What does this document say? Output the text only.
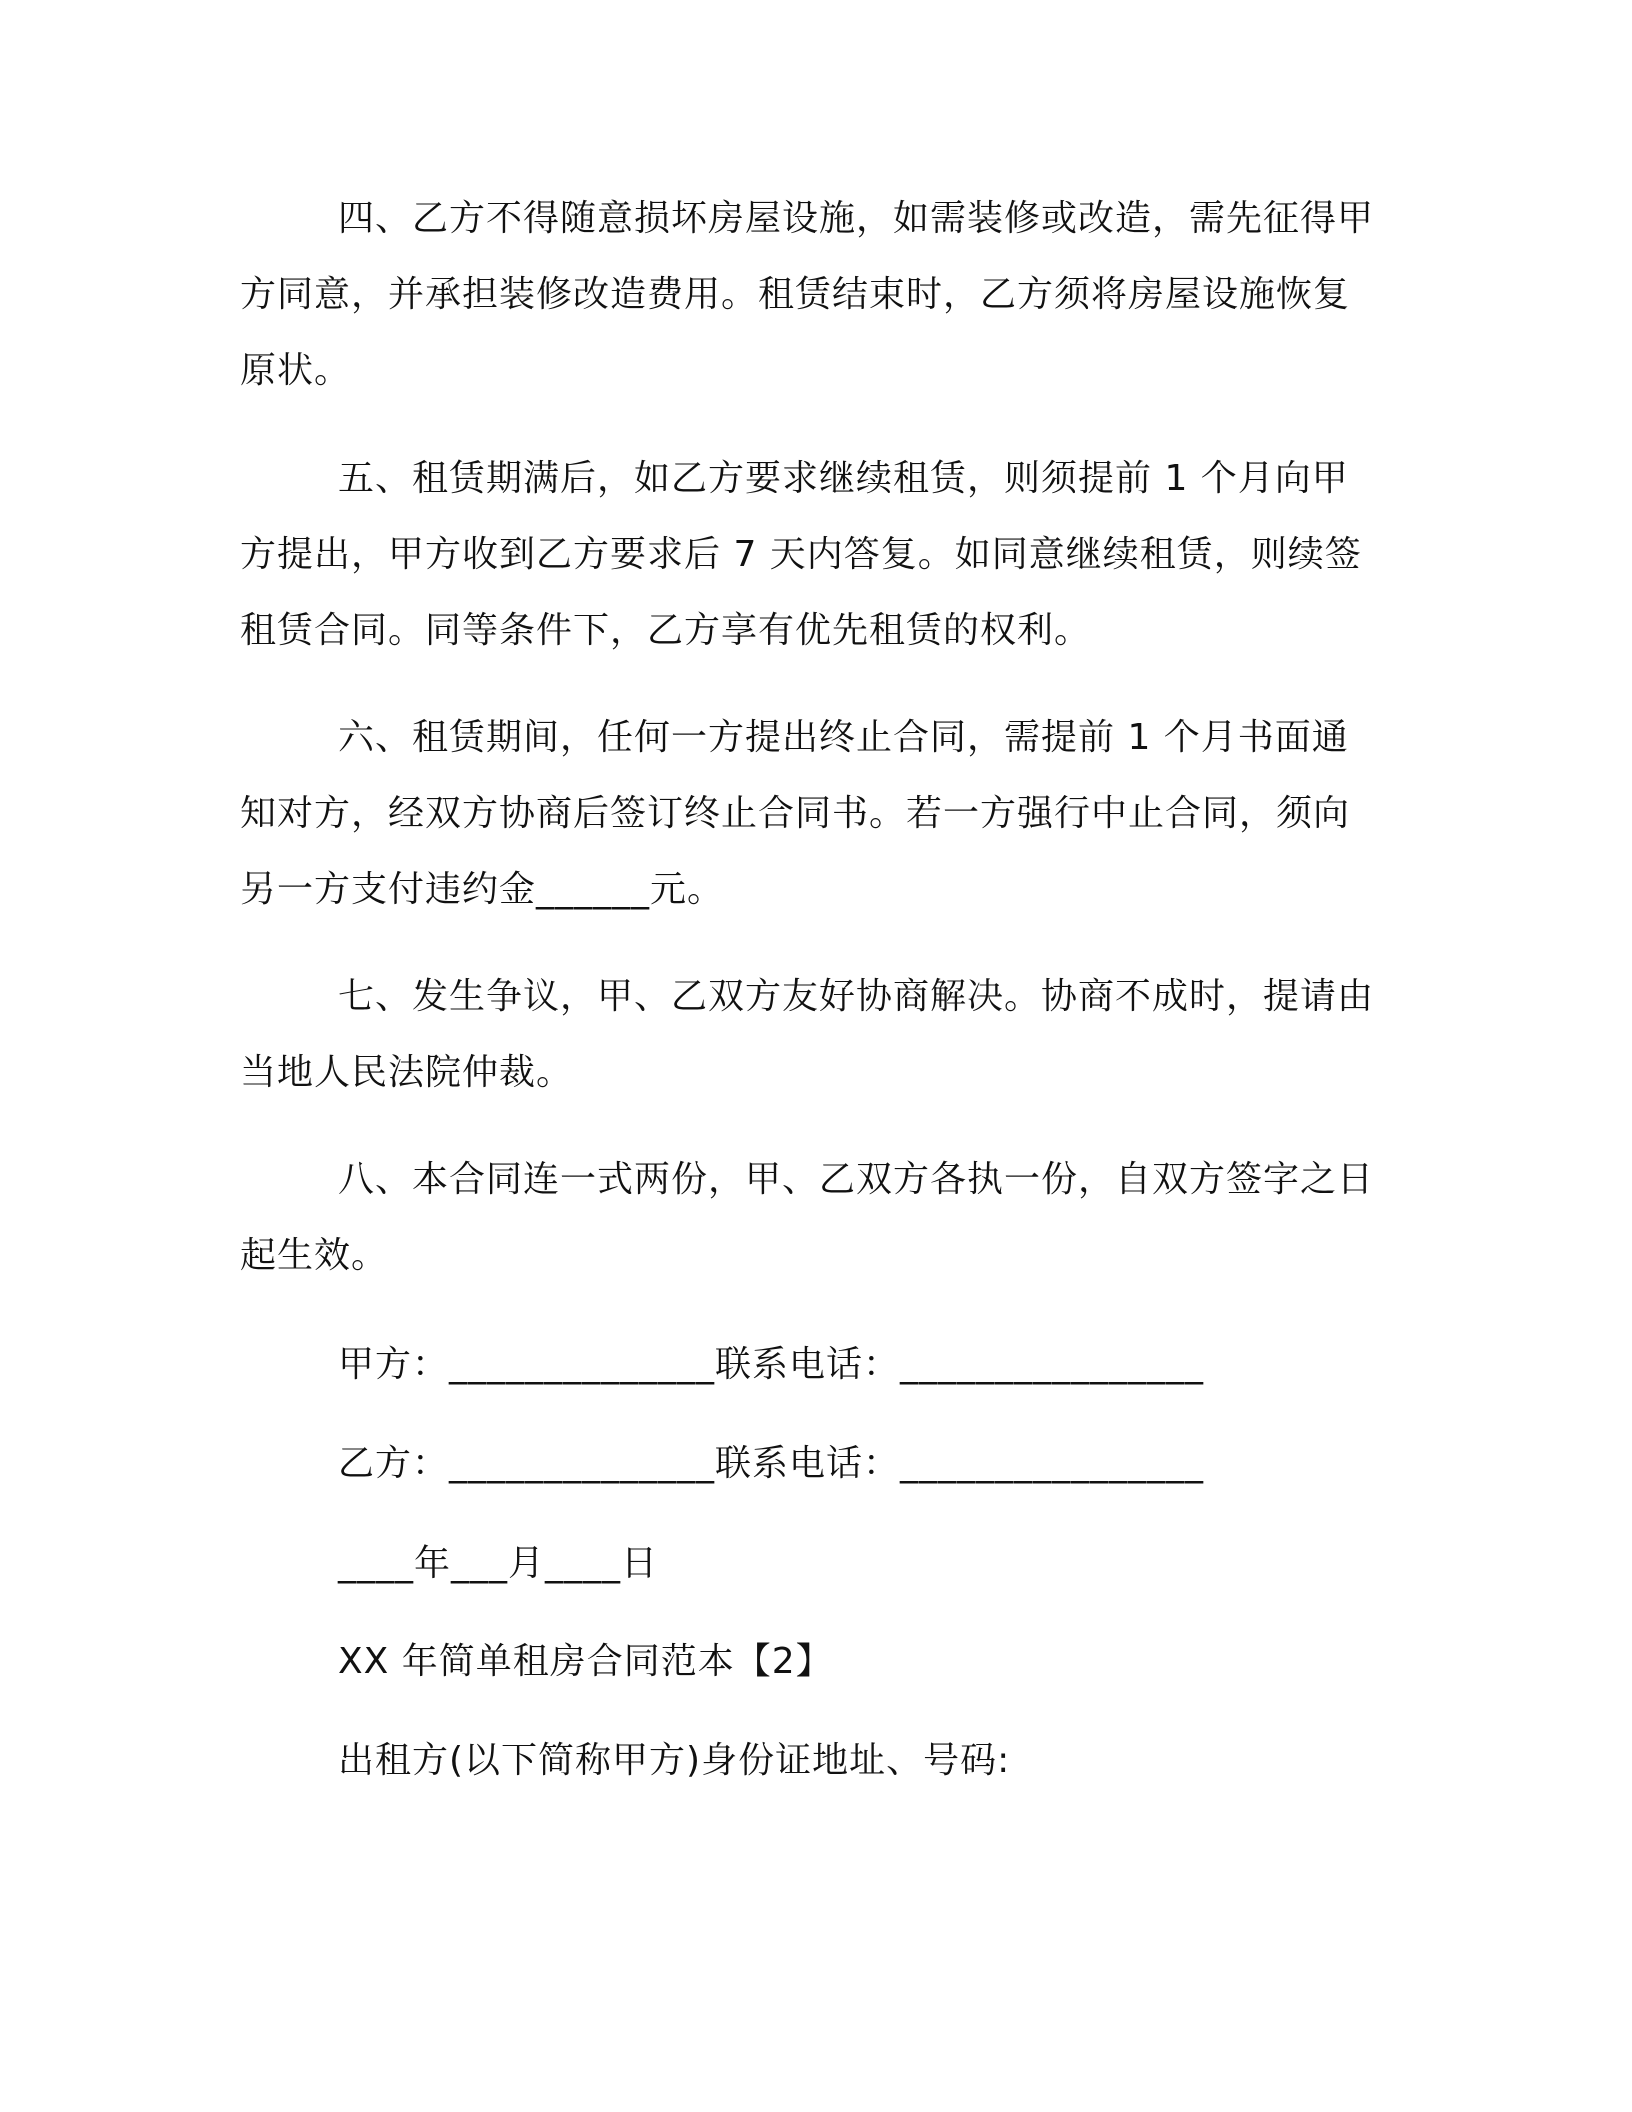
四、乙方不得随意损坏房屋设施，如需装修或改造，需先征得甲方同意，并承担装修改造费用。租赁结束时，乙方须将房屋设施恢复原状。

五、租赁期满后，如乙方要求继续租赁，则须提前 1 个月向甲方提出，甲方收到乙方要求后 7 天内答复。如同意继续租赁，则续签租赁合同。同等条件下，乙方享有优先租赁的权利。

六、租赁期间，任何一方提出终止合同，需提前 1 个月书面通知对方，经双方协商后签订终止合同书。若一方强行中止合同，须向另一方支付违约金______元。

七、发生争议，甲、乙双方友好协商解决。协商不成时，提请由当地人民法院仲裁。

八、本合同连一式两份，甲、乙双方各执一份，自双方签字之日起生效。

甲方：______________联系电话：________________

乙方：______________联系电话：________________

____年___月____日

XX 年简单租房合同范本【2】

出租方(以下简称甲方)身份证地址、号码:
